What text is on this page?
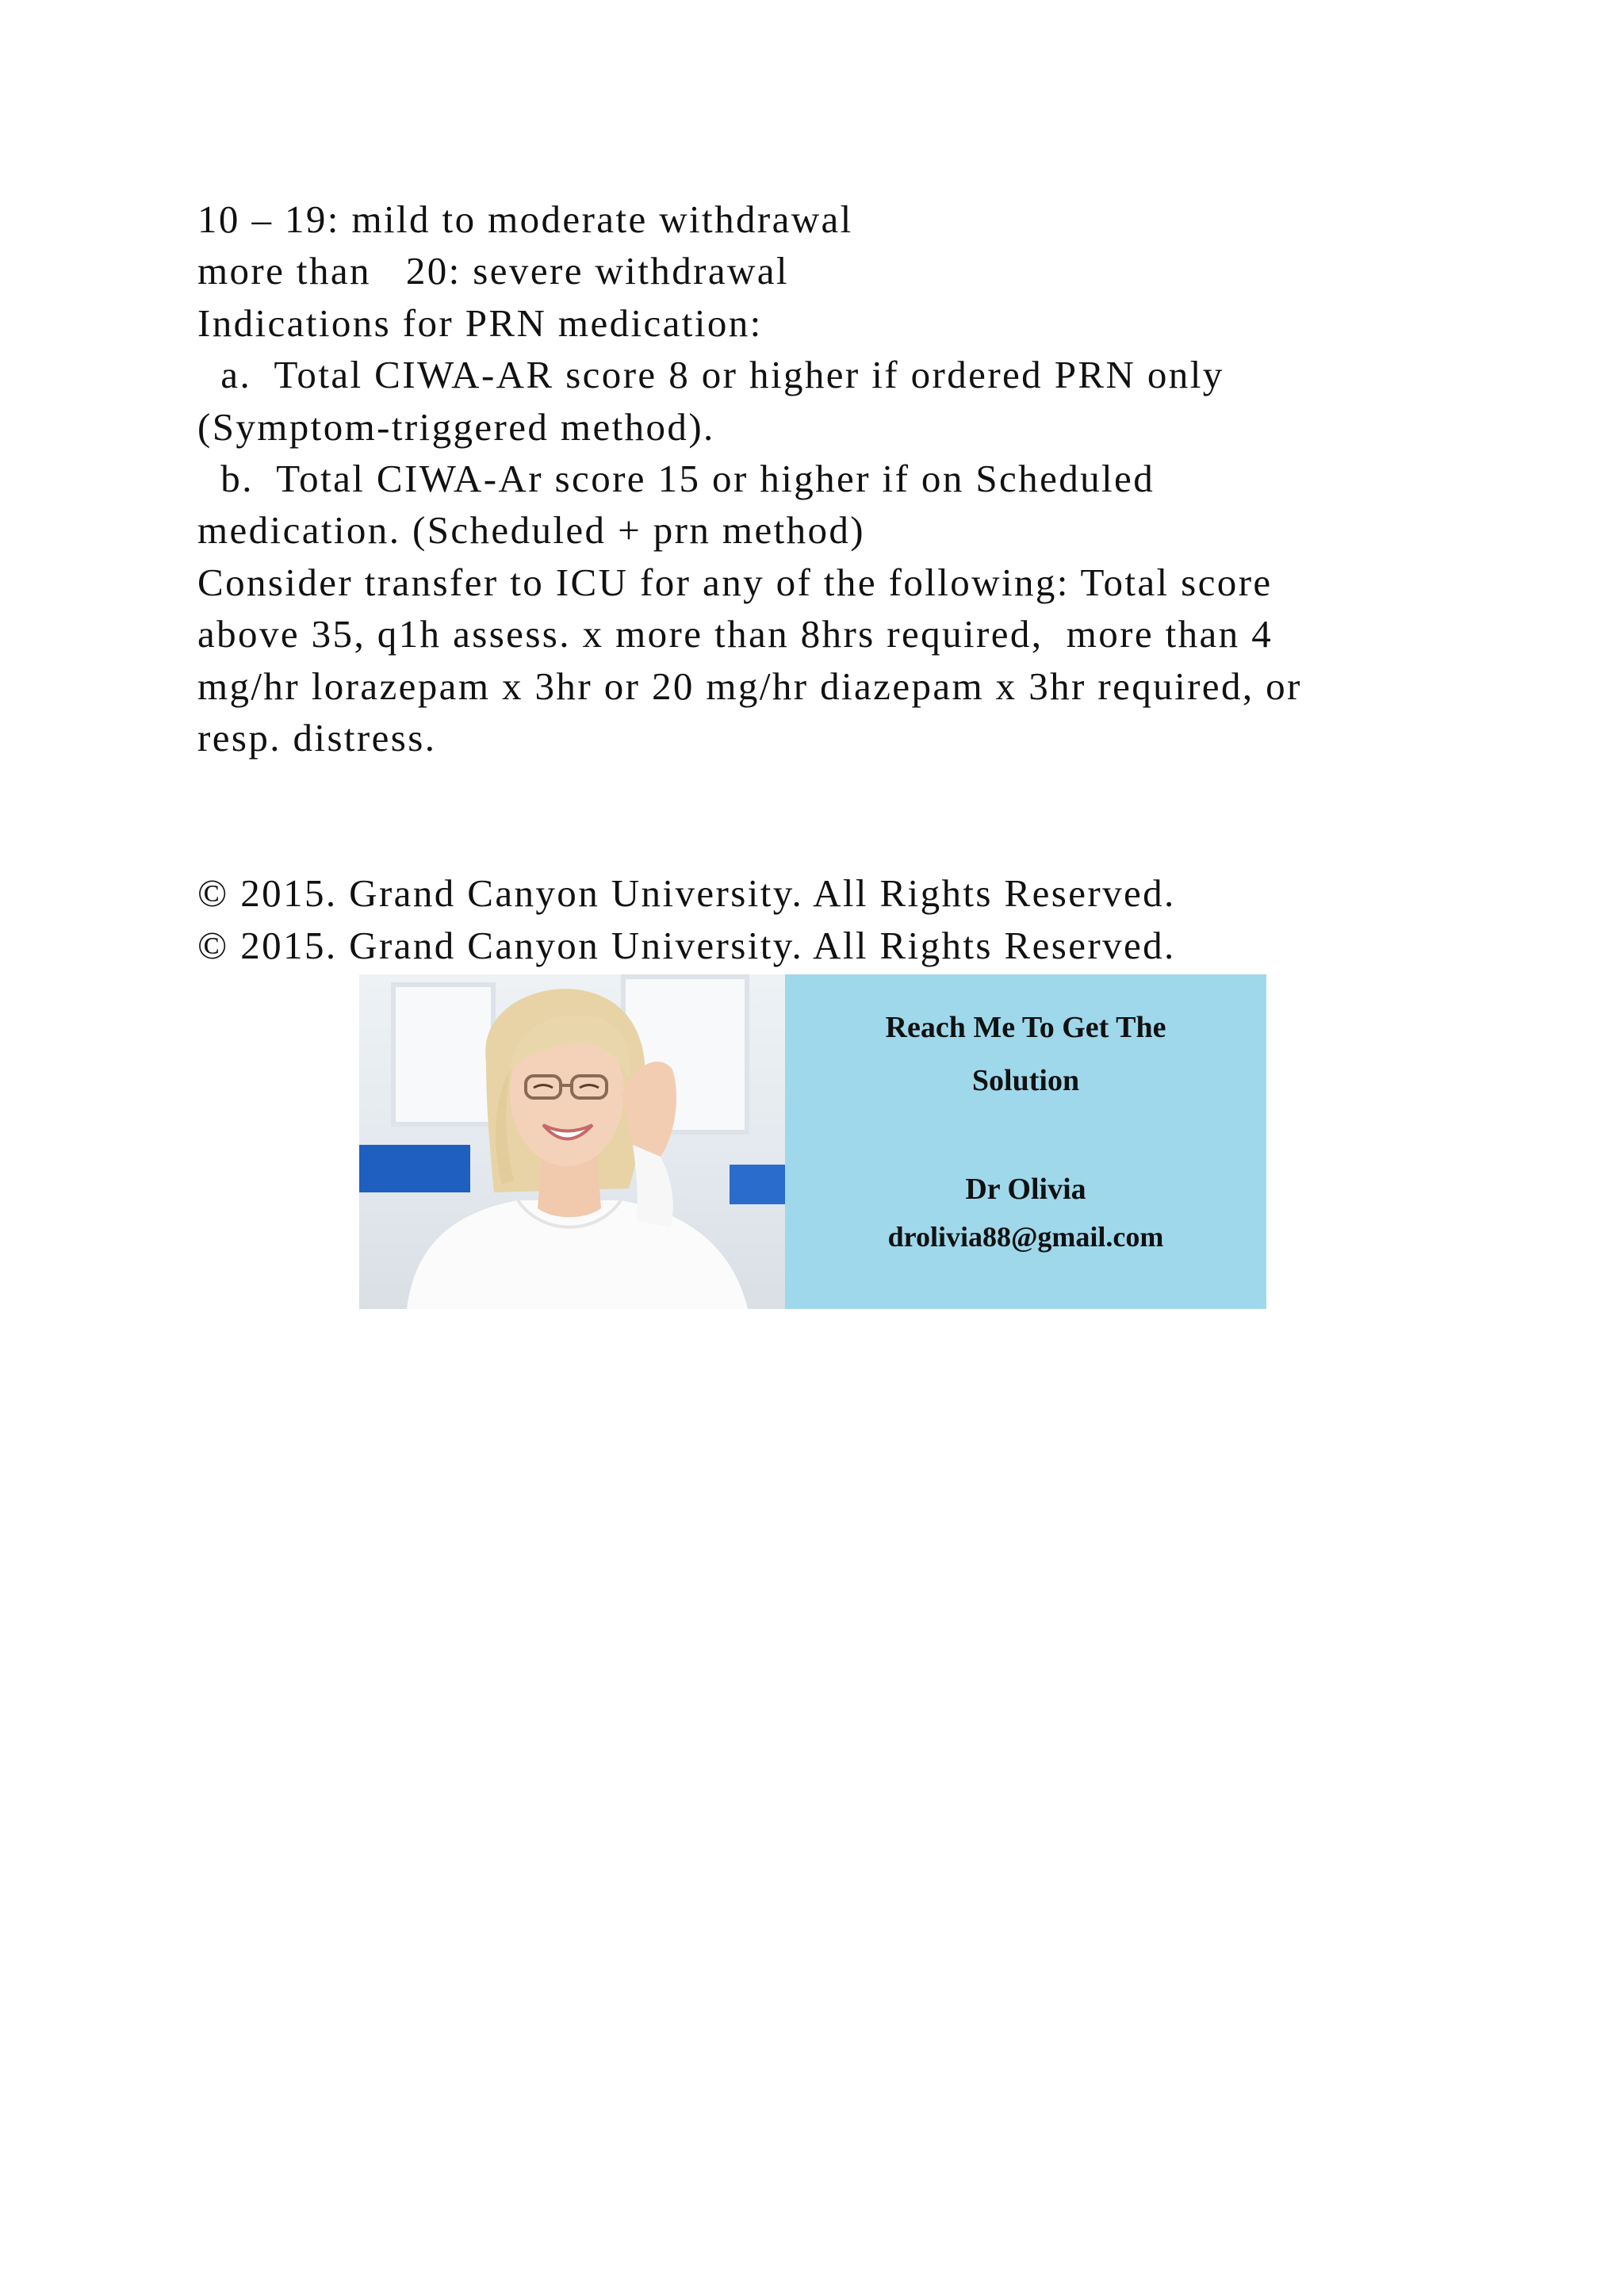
10 – 19: mild to moderate withdrawal
more than   20: severe withdrawal
Indications for PRN medication:
a.  Total CIWA-AR score 8 or higher if ordered PRN only
(Symptom-triggered method).
b.  Total CIWA-Ar score 15 or higher if on Scheduled
medication. (Scheduled + prn method)
Consider transfer to ICU for any of the following: Total score
above 35, q1h assess. x more than 8hrs required,  more than 4
mg/hr lorazepam x 3hr or 20 mg/hr diazepam x 3hr required, or
resp. distress.
© 2015. Grand Canyon University. All Rights Reserved.
© 2015. Grand Canyon University. All Rights Reserved.
Reach Me To Get The
Solution
Dr Olivia
drolivia88@gmail.com
